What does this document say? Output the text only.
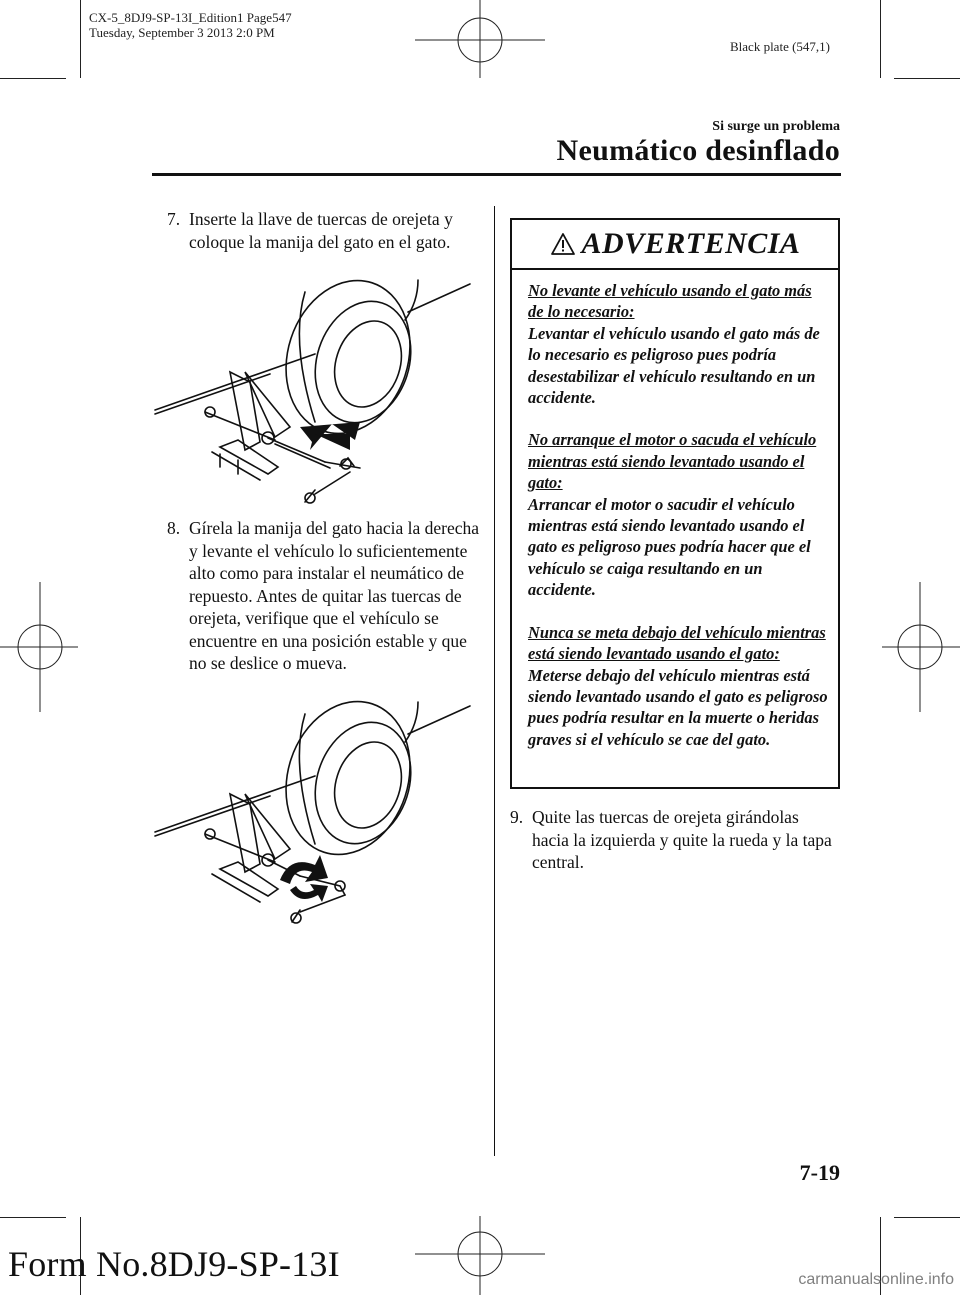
CX-5_8DJ9-SP-13I_Edition1 Page547
Tuesday, September 3 2013 2:0 PM
Black plate (547,1)
Si surge un problema
Neumático desinflado
7. Inserte la llave de tuercas de orejeta y coloque la manija del gato en el gato.
8. Gírela la manija del gato hacia la derecha y levante el vehículo lo suficientemente alto como para instalar el neumático de repuesto. Antes de quitar las tuercas de orejeta, verifique que el vehículo se encuentre en una posición estable y que no se deslice o mueva.
ADVERTENCIA
No levante el vehículo usando el gato más de lo necesario:
Levantar el vehículo usando el gato más de lo necesario es peligroso pues podría desestabilizar el vehículo resultando en un accidente.
No arranque el motor o sacuda el vehículo mientras está siendo levantado usando el gato:
Arrancar el motor o sacudir el vehículo mientras está siendo levantado usando el gato es peligroso pues podría hacer que el vehículo se caiga resultando en un accidente.
Nunca se meta debajo del vehículo mientras está siendo levantado usando el gato:
Meterse debajo del vehículo mientras está siendo levantado usando el gato es peligroso pues podría resultar en la muerte o heridas graves si el vehículo se cae del gato.
9. Quite las tuercas de orejeta girándolas hacia la izquierda y quite la rueda y la tapa central.
7-19
Form No.8DJ9-SP-13I	carmanualsonline.info
